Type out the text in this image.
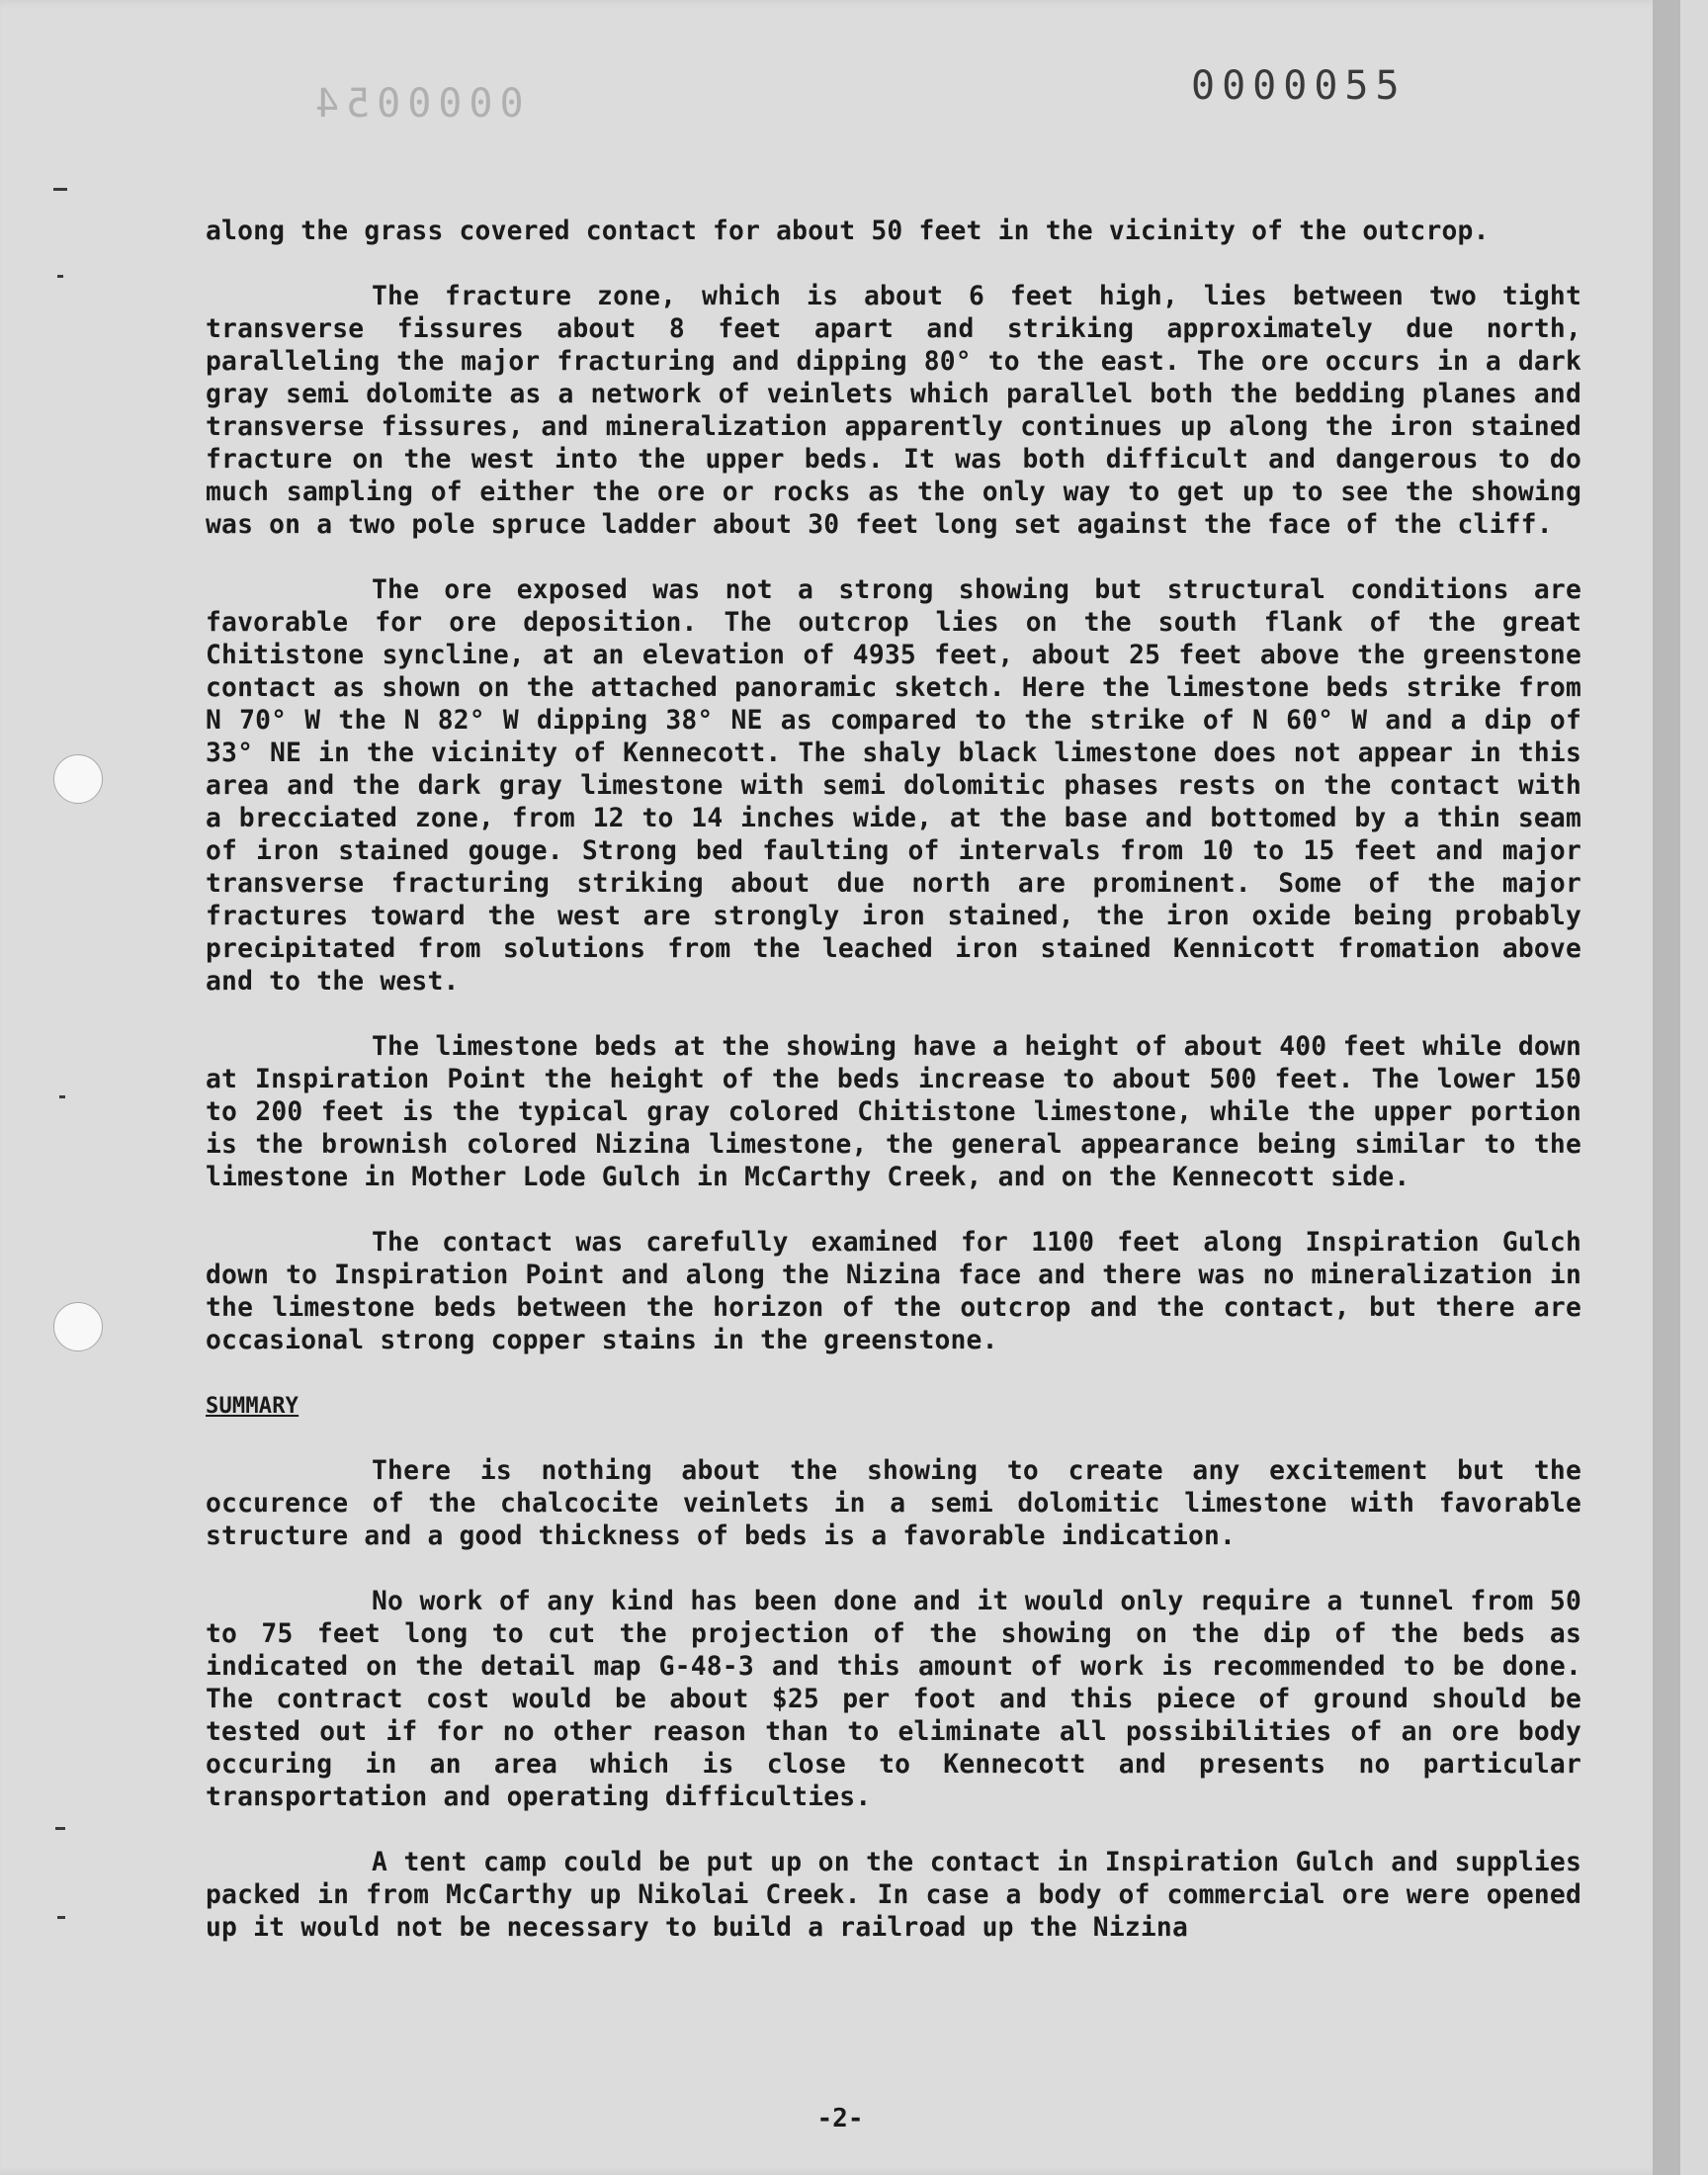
0000054	0000055

along the grass covered contact for about 50 feet in the vicinity of the outcrop.

The fracture zone, which is about 6 feet high, lies between two tight transverse fissures about 8 feet apart and striking approximately due north, paralleling the major fracturing and dipping 80° to the east. The ore occurs in a dark gray semi dolomite as a network of veinlets which parallel both the bedding planes and transverse fissures, and mineralization apparently continues up along the iron stained fracture on the west into the upper beds. It was both difficult and dangerous to do much sampling of either the ore or rocks as the only way to get up to see the showing was on a two pole spruce ladder about 30 feet long set against the face of the cliff.

The ore exposed was not a strong showing but structural conditions are favorable for ore deposition. The outcrop lies on the south flank of the great Chitistone syncline, at an elevation of 4935 feet, about 25 feet above the greenstone contact as shown on the attached panoramic sketch. Here the limestone beds strike from N 70° W the N 82° W dipping 38° NE as compared to the strike of N 60° W and a dip of 33° NE in the vicinity of Kennecott. The shaly black limestone does not appear in this area and the dark gray limestone with semi dolomitic phases rests on the contact with a brecciated zone, from 12 to 14 inches wide, at the base and bottomed by a thin seam of iron stained gouge. Strong bed faulting of intervals from 10 to 15 feet and major transverse fracturing striking about due north are prominent. Some of the major fractures toward the west are strongly iron stained, the iron oxide being probably precipitated from solutions from the leached iron stained Kennicott fromation above and to the west.

The limestone beds at the showing have a height of about 400 feet while down at Inspiration Point the height of the beds increase to about 500 feet. The lower 150 to 200 feet is the typical gray colored Chitistone limestone, while the upper portion is the brownish colored Nizina limestone, the general appearance being similar to the limestone in Mother Lode Gulch in McCarthy Creek, and on the Kennecott side.

The contact was carefully examined for 1100 feet along Inspiration Gulch down to Inspiration Point and along the Nizina face and there was no mineralization in the limestone beds between the horizon of the outcrop and the contact, but there are occasional strong copper stains in the greenstone.

SUMMARY

There is nothing about the showing to create any excitement but the occurence of the chalcocite veinlets in a semi dolomitic limestone with favorable structure and a good thickness of beds is a favorable indication.

No work of any kind has been done and it would only require a tunnel from 50 to 75 feet long to cut the projection of the showing on the dip of the beds as indicated on the detail map G-48-3 and this amount of work is recommended to be done. The contract cost would be about $25 per foot and this piece of ground should be tested out if for no other reason than to eliminate all possibilities of an ore body occuring in an area which is close to Kennecott and presents no particular transportation and operating difficulties.

A tent camp could be put up on the contact in Inspiration Gulch and supplies packed in from McCarthy up Nikolai Creek. In case a body of commercial ore were opened up it would not be necessary to build a railroad up the Nizina

-2-
